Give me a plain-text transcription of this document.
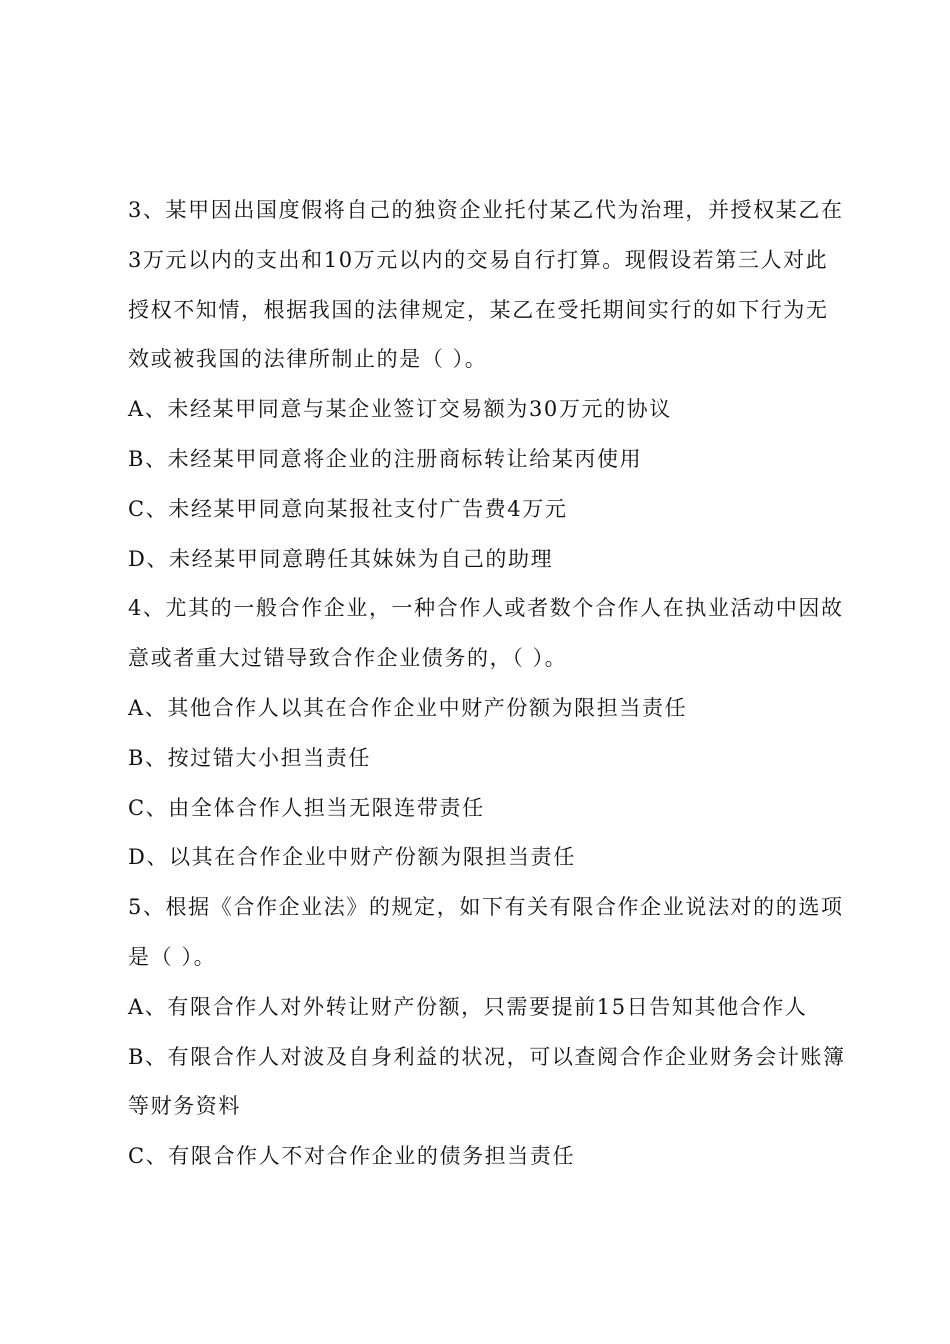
3、某甲因出国度假将自己的独资企业托付某乙代为治理，并授权某乙在
3万元以内的支出和10万元以内的交易自行打算。现假设若第三人对此
授权不知情，根据我国的法律规定，某乙在受托期间实行的如下行为无
效或被我国的法律所制止的是（ ）。
A、未经某甲同意与某企业签订交易额为30万元的协议
B、未经某甲同意将企业的注册商标转让给某丙使用
C、未经某甲同意向某报社支付广告费4万元
D、未经某甲同意聘任其妹妹为自己的助理
4、尤其的一般合作企业，一种合作人或者数个合作人在执业活动中因故
意或者重大过错导致合作企业债务的，（ ）。
A、其他合作人以其在合作企业中财产份额为限担当责任
B、按过错大小担当责任
C、由全体合作人担当无限连带责任
D、以其在合作企业中财产份额为限担当责任
5、根据《合作企业法》的规定，如下有关有限合作企业说法对的的选项
是（ ）。
A、有限合作人对外转让财产份额，只需要提前15日告知其他合作人
B、有限合作人对波及自身利益的状况，可以查阅合作企业财务会计账簿
等财务资料
C、有限合作人不对合作企业的债务担当责任
